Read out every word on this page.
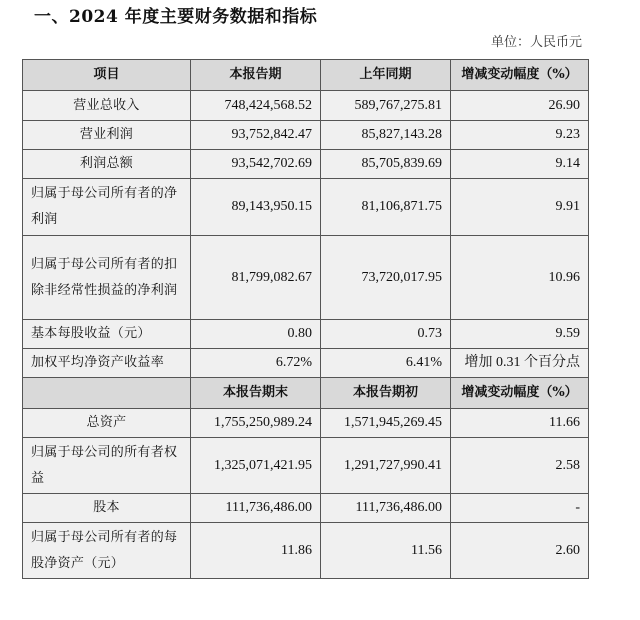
一、2024 年度主要财务数据和指标
单位：人民币元
项目	本报告期	上年同期	增减变动幅度（%）
营业总收入	748,424,568.52	589,767,275.81	26.90
营业利润	93,752,842.47	85,827,143.28	9.23
利润总额	93,542,702.69	85,705,839.69	9.14
归属于母公司所有者的净利润	89,143,950.15	81,106,871.75	9.91
归属于母公司所有者的扣除非经常性损益的净利润	81,799,082.67	73,720,017.95	10.96
基本每股收益（元）	0.80	0.73	9.59
加权平均净资产收益率	6.72%	6.41%	增加 0.31 个百分点
	本报告期末	本报告期初	增减变动幅度（%）
总资产	1,755,250,989.24	1,571,945,269.45	11.66
归属于母公司的所有者权益	1,325,071,421.95	1,291,727,990.41	2.58
股本	111,736,486.00	111,736,486.00	-
归属于母公司所有者的每股净资产（元）	11.86	11.56	2.60
